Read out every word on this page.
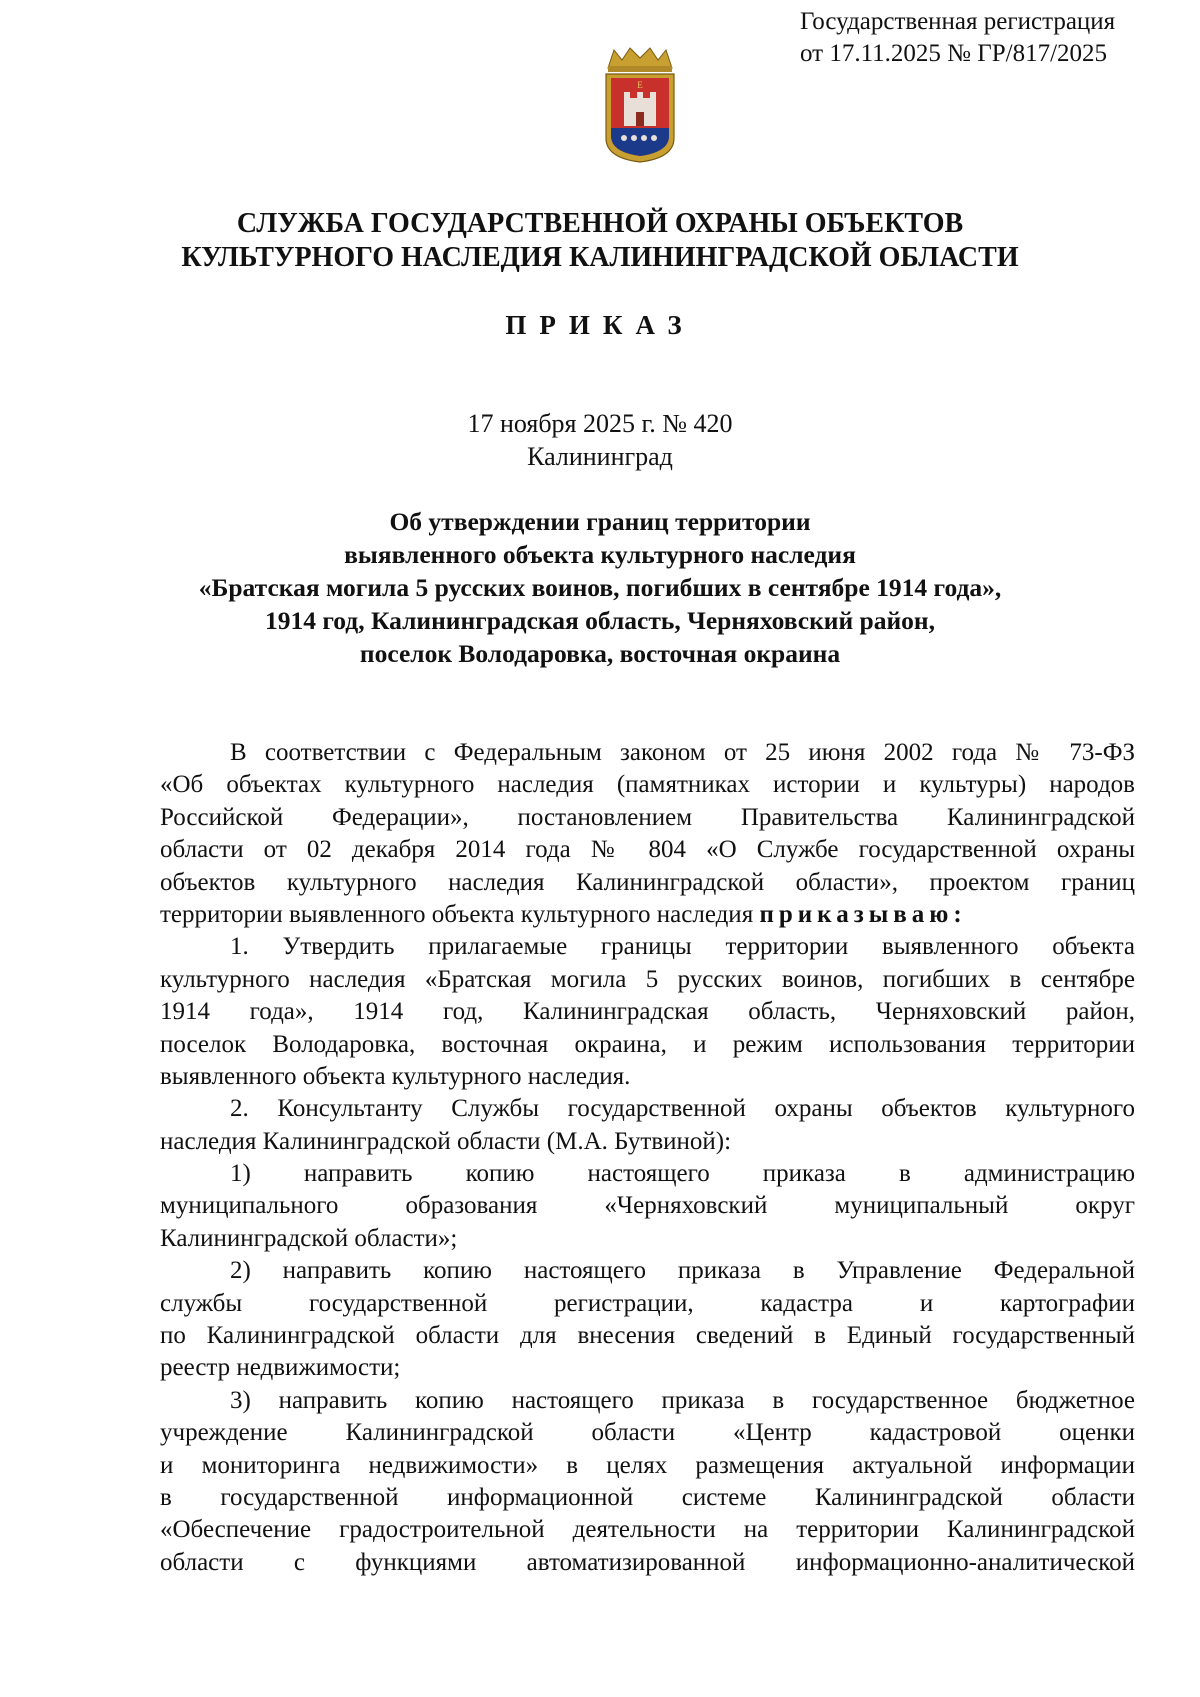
Государственная регистрация
от 17.11.2025 № ГР/817/2025
E
СЛУЖБА ГОСУДАРСТВЕННОЙ ОХРАНЫ ОБЪЕКТОВ
КУЛЬТУРНОГО НАСЛЕДИЯ КАЛИНИНГРАДСКОЙ ОБЛАСТИ
ПРИКАЗ
17 ноября 2025 г. № 420
Калининград
Об утверждении границ территории
выявленного объекта культурного наследия
«Братская могила 5 русских воинов, погибших в сентябре 1914 года»,
1914 год, Калининградская область, Черняховский район,
поселок Володаровка, восточная окраина
В соответствии с Федеральным законом от 25 июня 2002 года № 73-ФЗ
«Об объектах культурного наследия (памятниках истории и культуры) народов
Российской Федерации», постановлением Правительства Калининградской
области от 02 декабря 2014 года № 804 «О Службе государственной охраны
объектов культурного наследия Калининградской области», проектом границ
территории выявленного объекта культурного наследия приказываю:
1. Утвердить прилагаемые границы территории выявленного объекта
культурного наследия «Братская могила 5 русских воинов, погибших в сентябре
1914 года», 1914 год, Калининградская область, Черняховский район,
поселок Володаровка, восточная окраина, и режим использования территории
выявленного объекта культурного наследия.
2. Консультанту Службы государственной охраны объектов культурного
наследия Калининградской области (М.А. Бутвиной):
1) направить копию настоящего приказа в администрацию
муниципального образования «Черняховский муниципальный округ
Калининградской области»;
2) направить копию настоящего приказа в Управление Федеральной
службы государственной регистрации, кадастра и картографии
по Калининградской области для внесения сведений в Единый государственный
реестр недвижимости;
3) направить копию настоящего приказа в государственное бюджетное
учреждение Калининградской области «Центр кадастровой оценки
и мониторинга недвижимости» в целях размещения актуальной информации
в государственной информационной системе Калининградской области
«Обеспечение градостроительной деятельности на территории Калининградской
области с функциями автоматизированной информационно-аналитической
